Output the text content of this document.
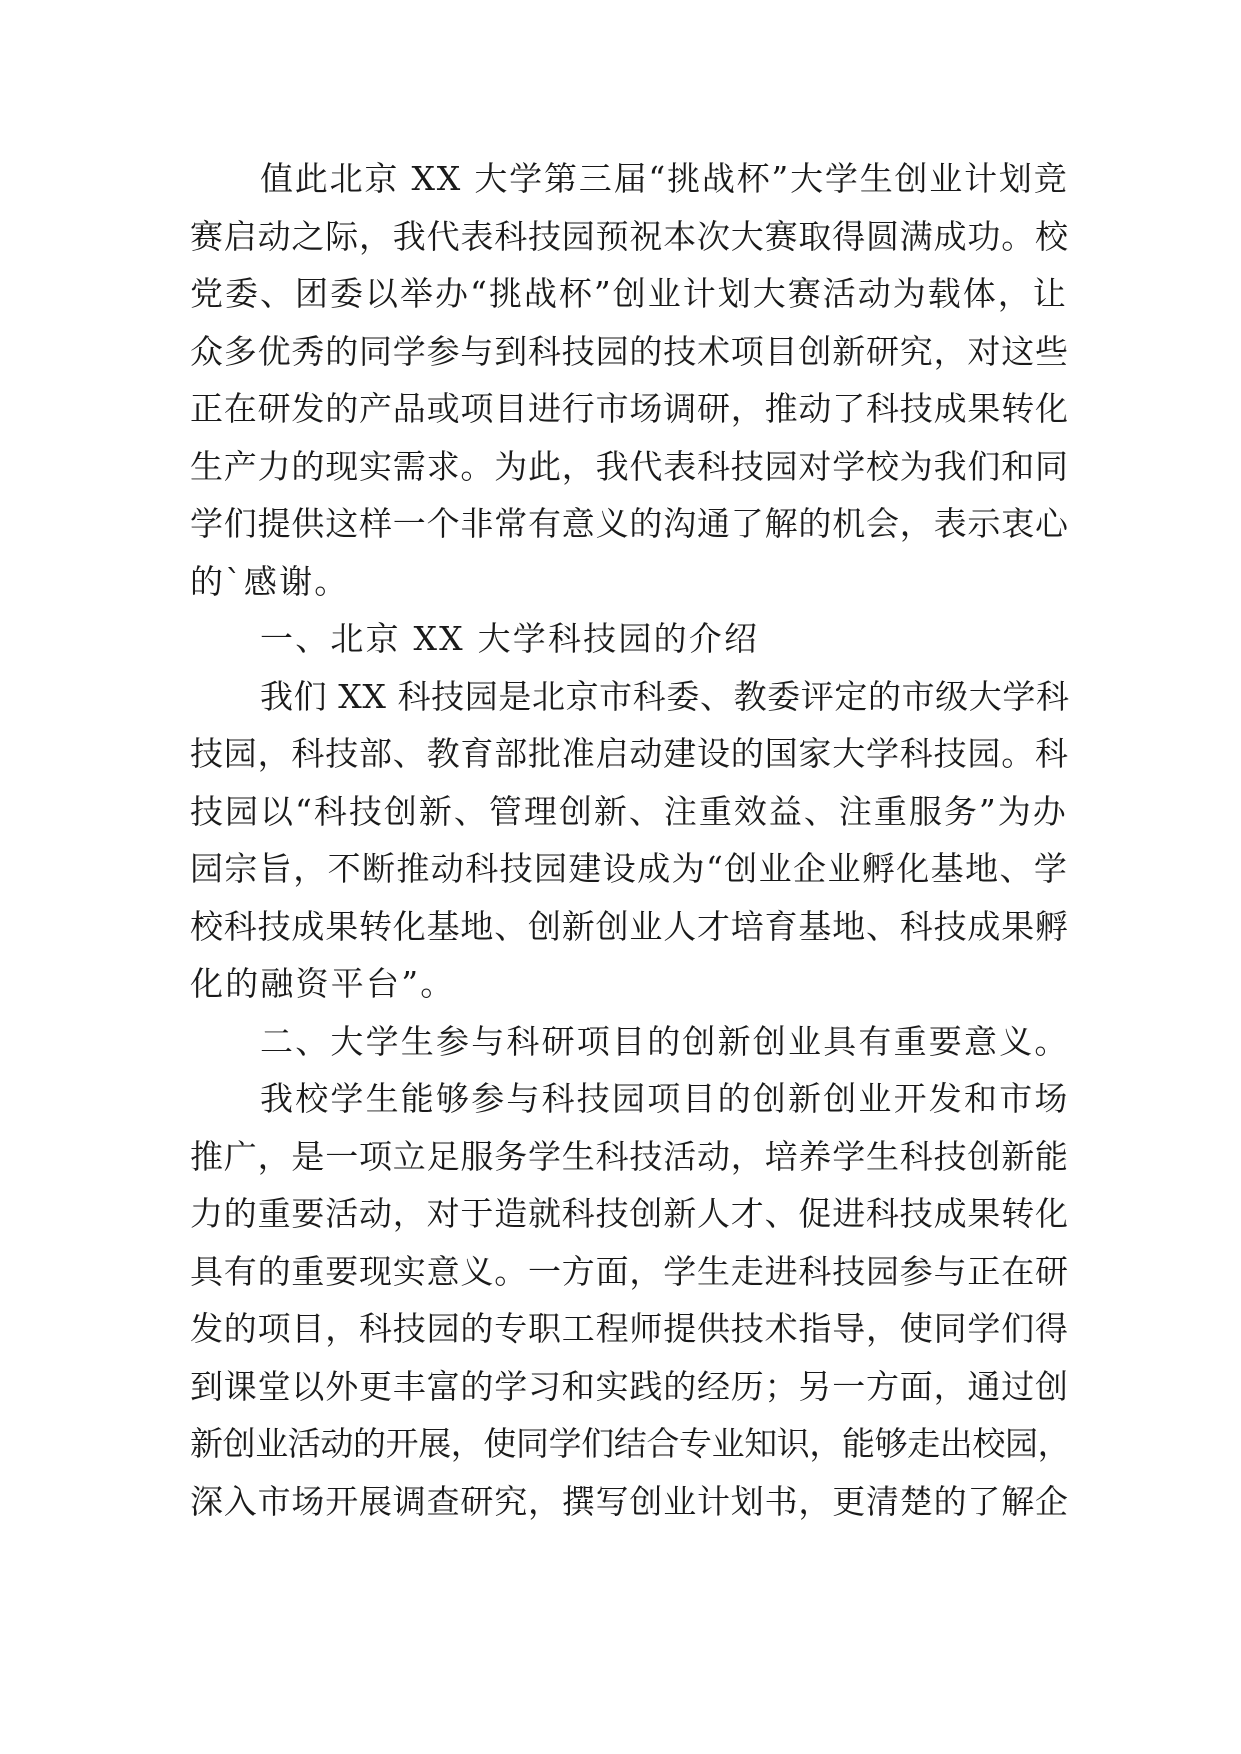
值此北京 XX 大学第三届“挑战杯”大学生创业计划竞
赛启动之际，我代表科技园预祝本次大赛取得圆满成功。校
党委、团委以举办“挑战杯”创业计划大赛活动为载体，让
众多优秀的同学参与到科技园的技术项目创新研究，对这些
正在研发的产品或项目进行市场调研，推动了科技成果转化
生产力的现实需求。为此，我代表科技园对学校为我们和同
学们提供这样一个非常有意义的沟通了解的机会，表示衷心
的`感谢。
一、北京 XX 大学科技园的介绍
我们 XX 科技园是北京市科委、教委评定的市级大学科
技园，科技部、教育部批准启动建设的国家大学科技园。科
技园以“科技创新、管理创新、注重效益、注重服务”为办
园宗旨，不断推动科技园建设成为“创业企业孵化基地、学
校科技成果转化基地、创新创业人才培育基地、科技成果孵
化的融资平台”。
二、大学生参与科研项目的创新创业具有重要意义。
我校学生能够参与科技园项目的创新创业开发和市场
推广，是一项立足服务学生科技活动，培养学生科技创新能
力的重要活动，对于造就科技创新人才、促进科技成果转化
具有的重要现实意义。一方面，学生走进科技园参与正在研
发的项目，科技园的专职工程师提供技术指导，使同学们得
到课堂以外更丰富的学习和实践的经历；另一方面，通过创
新创业活动的开展，使同学们结合专业知识，能够走出校园，
深入市场开展调查研究，撰写创业计划书，更清楚的了解企
